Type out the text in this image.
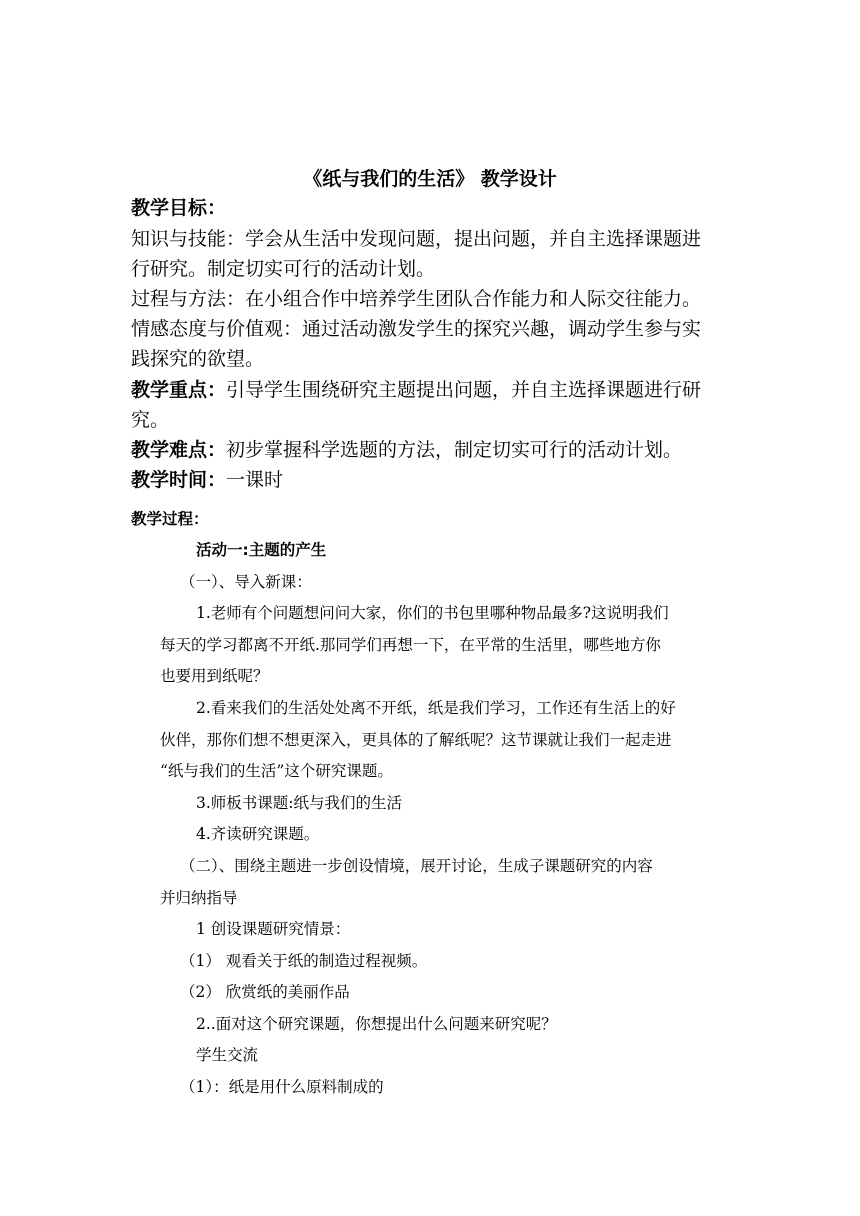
《纸与我们的生活》 教学设计
教学目标：
知识与技能：学会从生活中发现问题，提出问题，并自主选择课题进
行研究。制定切实可行的活动计划。
过程与方法：在小组合作中培养学生团队合作能力和人际交往能力。
情感态度与价值观：通过活动激发学生的探究兴趣，调动学生参与实
践探究的欲望。
教学重点：引导学生围绕研究主题提出问题，并自主选择课题进行研
究。
教学难点：初步掌握科学选题的方法，制定切实可行的活动计划。
教学时间：一课时
教学过程：
活动一:主题的产生
（一）、导入新课：
1.老师有个问题想问问大家，你们的书包里哪种物品最多?这说明我们
每天的学习都离不开纸.那同学们再想一下，在平常的生活里，哪些地方你
也要用到纸呢？
2.看来我们的生活处处离不开纸，纸是我们学习，工作还有生活上的好
伙伴，那你们想不想更深入，更具体的了解纸呢？这节课就让我们一起走进
“纸与我们的生活”这个研究课题。
3.师板书课题:纸与我们的生活
4.齐读研究课题。
（二）、围绕主题进一步创设情境，展开讨论，生成子课题研究的内容
并归纳指导
1 创设课题研究情景：
（1） 观看关于纸的制造过程视频。
（2） 欣赏纸的美丽作品
2..面对这个研究课题，你想提出什么问题来研究呢？
学生交流
（1）：纸是用什么原料制成的
